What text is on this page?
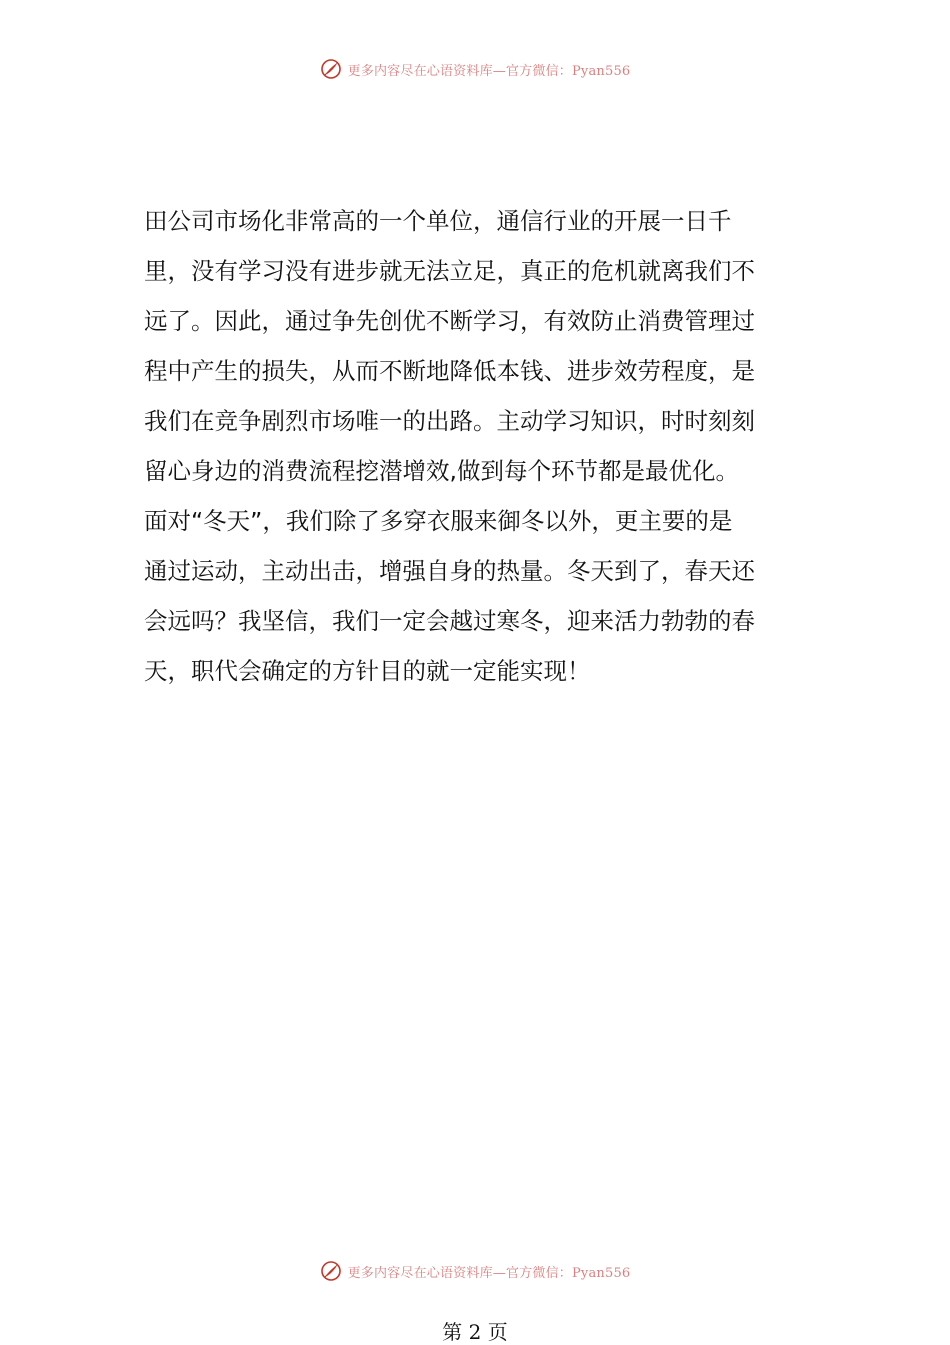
更多内容尽在心语资料库—官方微信：Pyan556
田公司市场化非常高的一个单位，通信行业的开展一日千
里，没有学习没有进步就无法立足，真正的危机就离我们不
远了。因此，通过争先创优不断学习，有效防止消费管理过
程中产生的损失，从而不断地降低本钱、进步效劳程度，是
我们在竞争剧烈市场唯一的出路。主动学习知识，时时刻刻
留心身边的消费流程挖潜增效,做到每个环节都是最优化。
面对“冬天”，我们除了多穿衣服来御冬以外，更主要的是
通过运动，主动出击，增强自身的热量。冬天到了，春天还
会远吗？我坚信，我们一定会越过寒冬，迎来活力勃勃的春
天，职代会确定的方针目的就一定能实现！
更多内容尽在心语资料库—官方微信：Pyan556
第 2 页
